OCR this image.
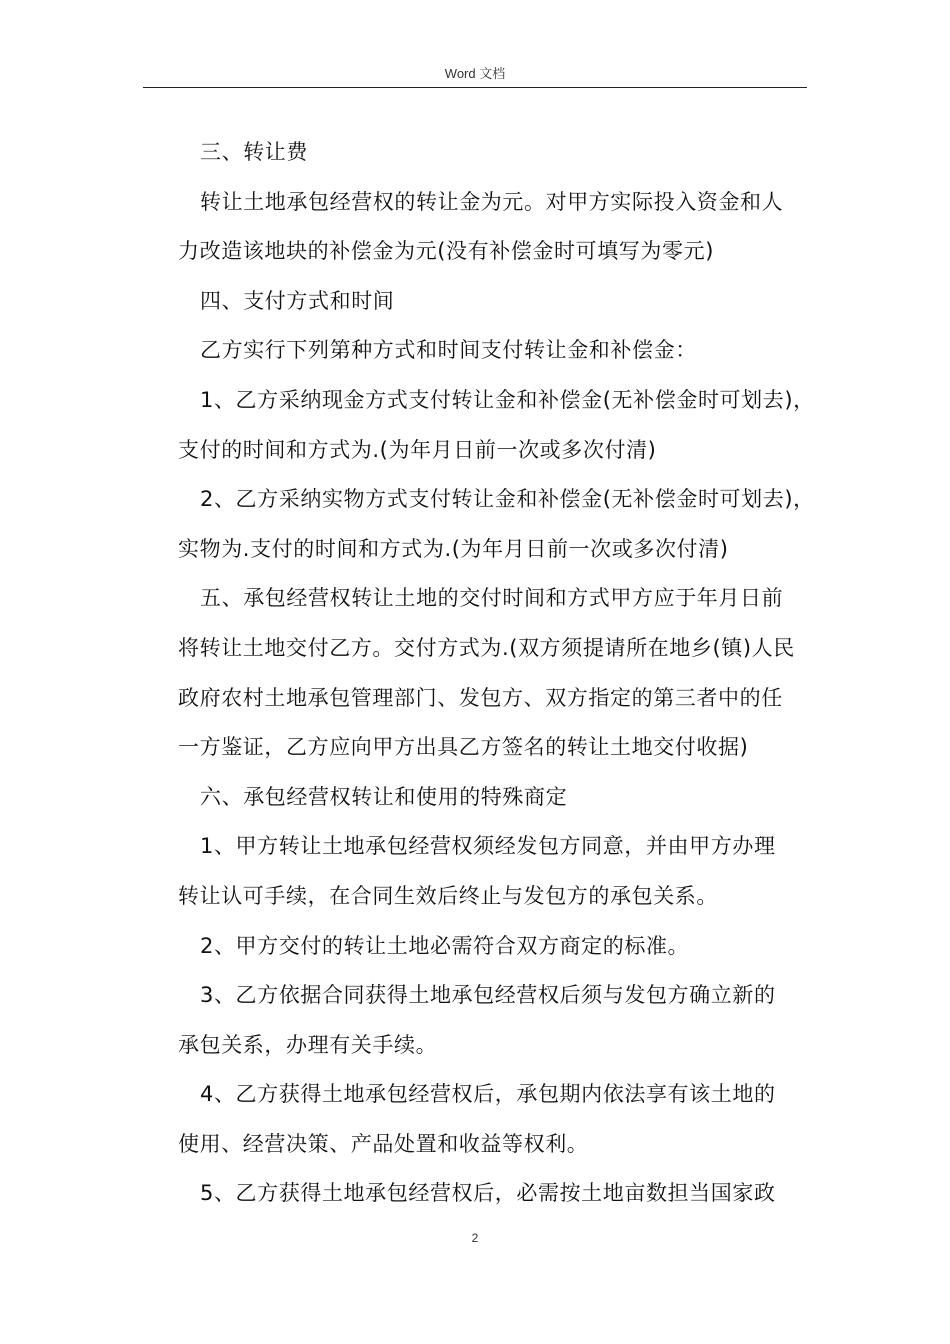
Word 文档

三、转让费

转让土地承包经营权的转让金为元。对甲方实际投入资金和人

力改造该地块的补偿金为元(没有补偿金时可填写为零元)

四、支付方式和时间

乙方实行下列第种方式和时间支付转让金和补偿金：

1、乙方采纳现金方式支付转让金和补偿金(无补偿金时可划去)，

支付的时间和方式为.(为年月日前一次或多次付清)

2、乙方采纳实物方式支付转让金和补偿金(无补偿金时可划去)，

实物为.支付的时间和方式为.(为年月日前一次或多次付清)

五、承包经营权转让土地的交付时间和方式甲方应于年月日前

将转让土地交付乙方。交付方式为.(双方须提请所在地乡(镇)人民

政府农村土地承包管理部门、发包方、双方指定的第三者中的任

一方鉴证，乙方应向甲方出具乙方签名的转让土地交付收据)

六、承包经营权转让和使用的特殊商定

1、甲方转让土地承包经营权须经发包方同意，并由甲方办理

转让认可手续，在合同生效后终止与发包方的承包关系。

2、甲方交付的转让土地必需符合双方商定的标准。

3、乙方依据合同获得土地承包经营权后须与发包方确立新的

承包关系，办理有关手续。

4、乙方获得土地承包经营权后，承包期内依法享有该土地的

使用、经营决策、产品处置和收益等权利。

5、乙方获得土地承包经营权后，必需按土地亩数担当国家政

2
